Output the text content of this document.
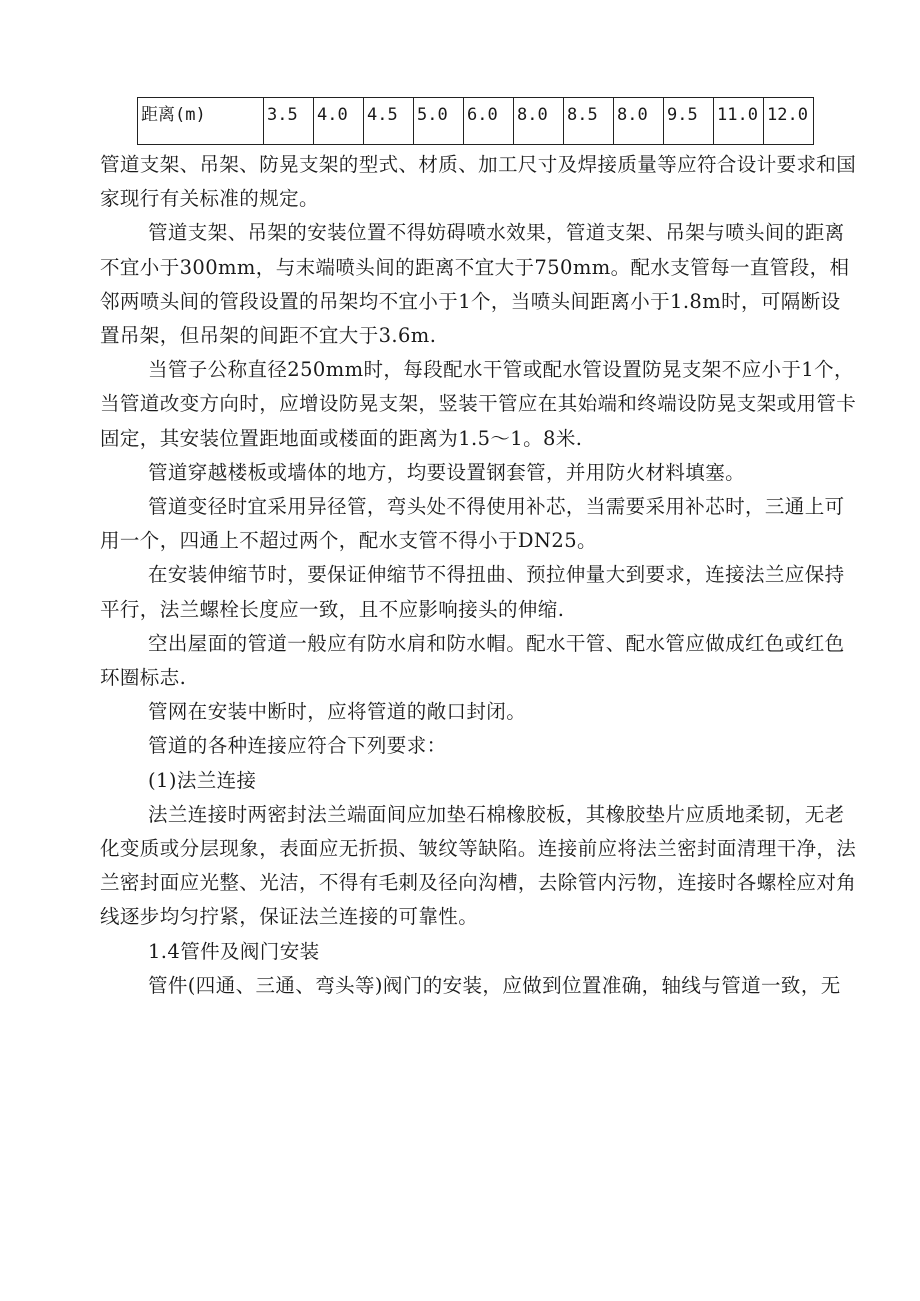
距离(m)	3.5	4.0	4.5	5.0	6.0	8.0	8.5	8.0	9.5	11.0	12.0

管道支架、吊架、防晃支架的型式、材质、加工尺寸及焊接质量等应符合设计要求和国家现行有关标准的规定。

管道支架、吊架的安装位置不得妨碍喷水效果，管道支架、吊架与喷头间的距离不宜小于300mm，与末端喷头间的距离不宜大于750mm。配水支管每一直管段，相邻两喷头间的管段设置的吊架均不宜小于1个，当喷头间距离小于1.8m时，可隔断设置吊架，但吊架的间距不宜大于3.6m.

当管子公称直径250mm时，每段配水干管或配水管设置防晃支架不应小于1个，当管道改变方向时，应增设防晃支架，竖装干管应在其始端和终端设防晃支架或用管卡固定，其安装位置距地面或楼面的距离为1.5～1。8米.

管道穿越楼板或墙体的地方，均要设置钢套管，并用防火材料填塞。

管道变径时宜采用异径管，弯头处不得使用补芯，当需要采用补芯时，三通上可用一个，四通上不超过两个，配水支管不得小于DN25。

在安装伸缩节时，要保证伸缩节不得扭曲、预拉伸量大到要求，连接法兰应保持平行，法兰螺栓长度应一致，且不应影响接头的伸缩.

空出屋面的管道一般应有防水肩和防水帽。配水干管、配水管应做成红色或红色环圈标志.

管网在安装中断时，应将管道的敞口封闭。

管道的各种连接应符合下列要求：

(1)法兰连接

法兰连接时两密封法兰端面间应加垫石棉橡胶板，其橡胶垫片应质地柔韧，无老化变质或分层现象，表面应无折损、皱纹等缺陷。连接前应将法兰密封面清理干净，法兰密封面应光整、光洁，不得有毛刺及径向沟槽，去除管内污物，连接时各螺栓应对角线逐步均匀拧紧，保证法兰连接的可靠性。

1.4管件及阀门安装

管件(四通、三通、弯头等)阀门的安装，应做到位置准确，轴线与管道一致，无
